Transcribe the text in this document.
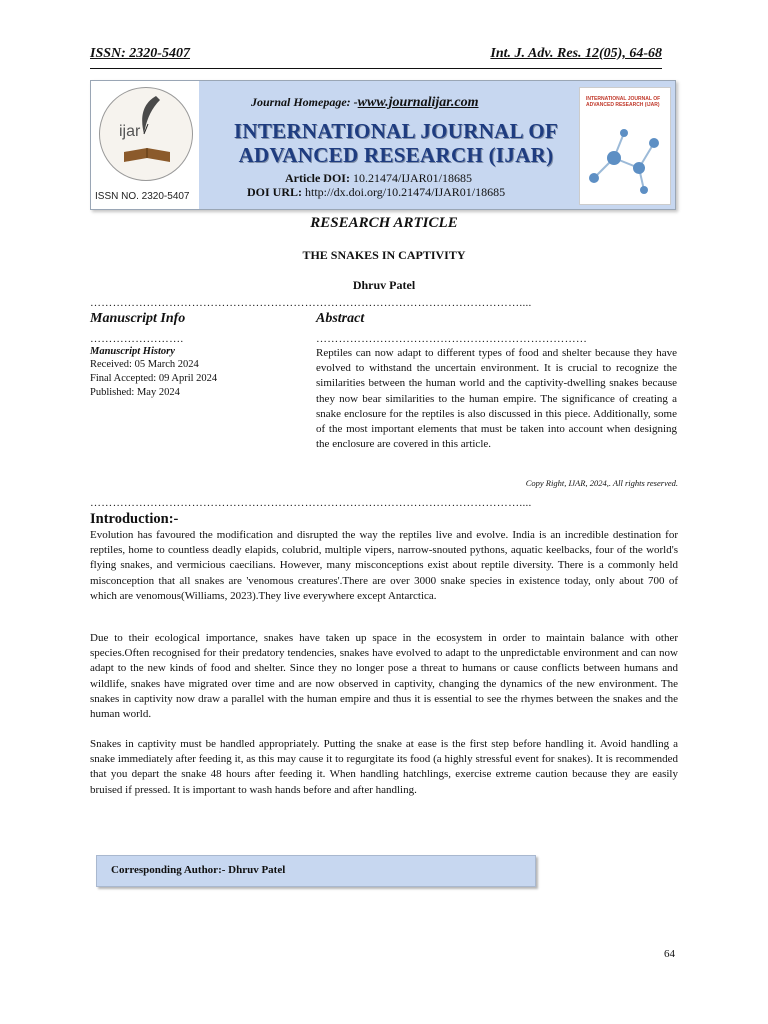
ISSN: 2320-5407	Int. J. Adv. Res. 12(05), 64-68
ijar
ISSN NO. 2320-5407
Journal Homepage: -www.journalijar.com
INTERNATIONAL JOURNAL OF
ADVANCED RESEARCH (IJAR)
Article DOI: 10.21474/IJAR01/18685
DOI URL: http://dx.doi.org/10.21474/IJAR01/18685
INTERNATIONAL JOURNAL OF ADVANCED RESEARCH (IJAR)
RESEARCH ARTICLE
THE SNAKES IN CAPTIVITY
Dhruv Patel
……………………………………………………………………………………………………....
Manuscript Info	Abstract
…………………….	………………………………………………………………
Manuscript History
Received: 05 March 2024
Final Accepted: 09 April 2024
Published: May 2024
Reptiles can now adapt to different types of food and shelter because they have evolved to withstand the uncertain environment. It is crucial to recognize the similarities between the human world and the captivity-dwelling snakes because they now bear similarities to the human empire. The significance of creating a snake enclosure for the reptiles is also discussed in this piece. Additionally, some of the most important elements that must be taken into account when designing the enclosure are covered in this article.
Copy Right, IJAR, 2024,. All rights reserved.
……………………………………………………………………………………………………....
Introduction:-
Evolution has favoured the modification and disrupted the way the reptiles live and evolve. India is an incredible destination for reptiles, home to countless deadly elapids, colubrid, multiple vipers, narrow-snouted pythons, aquatic keelbacks, four of the world's flying snakes, and vermicious caecilians. However, many misconceptions exist about reptile diversity. There is a commonly held misconception that all snakes are 'venomous creatures'.There are over 3000 snake species in existence today, only about 700 of which are venomous(Williams, 2023).They live everywhere except Antarctica.
Due to their ecological importance, snakes have taken up space in the ecosystem in order to maintain balance with other species.Often recognised for their predatory tendencies, snakes have evolved to adapt to the unpredictable environment and can now adapt to the new kinds of food and shelter. Since they no longer pose a threat to humans or cause conflicts between humans and wildlife, snakes have migrated over time and are now observed in captivity, changing the dynamics of the new environment. The snakes in captivity now draw a parallel with the human empire and thus it is essential to see the rhymes between the snakes and the human world.
Snakes in captivity must be handled appropriately. Putting the snake at ease is the first step before handling it. Avoid handling a snake immediately after feeding it, as this may cause it to regurgitate its food (a highly stressful event for snakes). It is recommended that you depart the snake 48 hours after feeding it. When handling hatchlings, exercise extreme caution because they are easily bruised if pressed. It is important to wash hands before and after handling.
Corresponding Author:- Dhruv Patel
64
